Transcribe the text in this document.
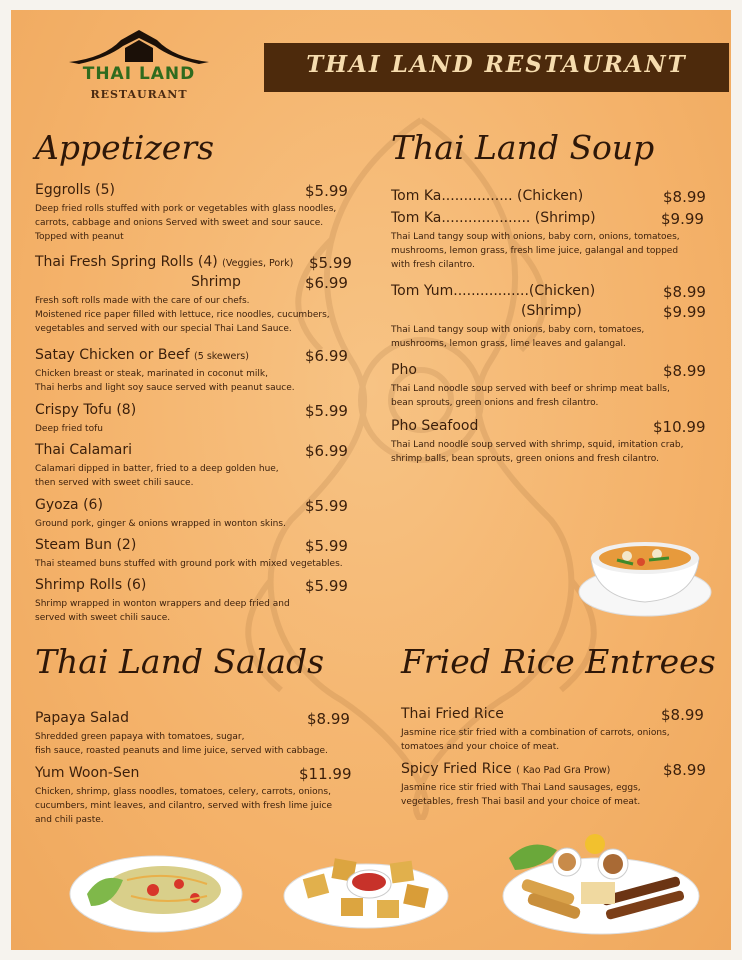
THAI LAND
RESTAURANT
THAI LAND RESTAURANT
Appetizers
Eggrolls (5)	$5.99
Deep fried rolls stuffed with pork or vegetables with glass noodles,
carrots, cabbage and onions Served with sweet and sour sauce.
Topped with peanut
Thai Fresh Spring Rolls (4) (Veggies, Pork) $5.99
Shrimp	$6.99
Fresh soft rolls made with the care of our chefs.
Moistened rice paper filled with lettuce, rice noodles, cucumbers,
vegetables and served with our special Thai Land Sauce.
Satay Chicken or Beef (5 skewers)	$6.99
Chicken breast or steak, marinated in coconut milk,
Thai herbs and light soy sauce served with peanut sauce.
Crispy Tofu (8)	$5.99
Deep fried tofu
Thai Calamari	$6.99
Calamari dipped in batter, fried to a deep golden hue,
then served with sweet chili sauce.
Gyoza (6)	$5.99
Ground pork, ginger & onions wrapped in wonton skins.
Steam Bun (2)	$5.99
Thai steamed buns stuffed with ground pork with mixed vegetables.
Shrimp Rolls (6)	$5.99
Shrimp wrapped in wonton wrappers and deep fried and
served with sweet chili sauce.
Thai Land Soup
Tom Ka................ (Chicken)	$8.99
Tom Ka.................... (Shrimp)	$9.99
Thai Land tangy soup with onions, baby corn, onions, tomatoes,
mushrooms, lemon grass, fresh lime juice, galangal and topped
with fresh cilantro.
Tom Yum.................(Chicken)	$8.99
(Shrimp)	$9.99
Thai Land tangy soup with onions, baby corn, tomatoes,
mushrooms, lemon grass, lime leaves and galangal.
Pho	$8.99
Thai Land noodle soup served with beef or shrimp meat balls,
bean sprouts, green onions and fresh cilantro.
Pho Seafood	$10.99
Thai Land noodle soup served with shrimp, squid, imitation crab,
shrimp balls, bean sprouts, green onions and fresh cilantro.
Thai Land Salads
Papaya Salad	$8.99
Shredded green papaya with tomatoes, sugar,
fish sauce, roasted peanuts and lime juice, served with cabbage.
Yum Woon-Sen	$11.99
Chicken, shrimp, glass noodles, tomatoes, celery, carrots, onions,
cucumbers, mint leaves, and cilantro, served with fresh lime juice
and chili paste.
Fried Rice Entrees
Thai Fried Rice	$8.99
Jasmine rice stir fried with a combination of carrots, onions,
tomatoes and your choice of meat.
Spicy Fried Rice ( Kao Pad Gra Prow)	$8.99
Jasmine rice stir fried with Thai Land sausages, eggs,
vegetables, fresh Thai basil and your choice of meat.
